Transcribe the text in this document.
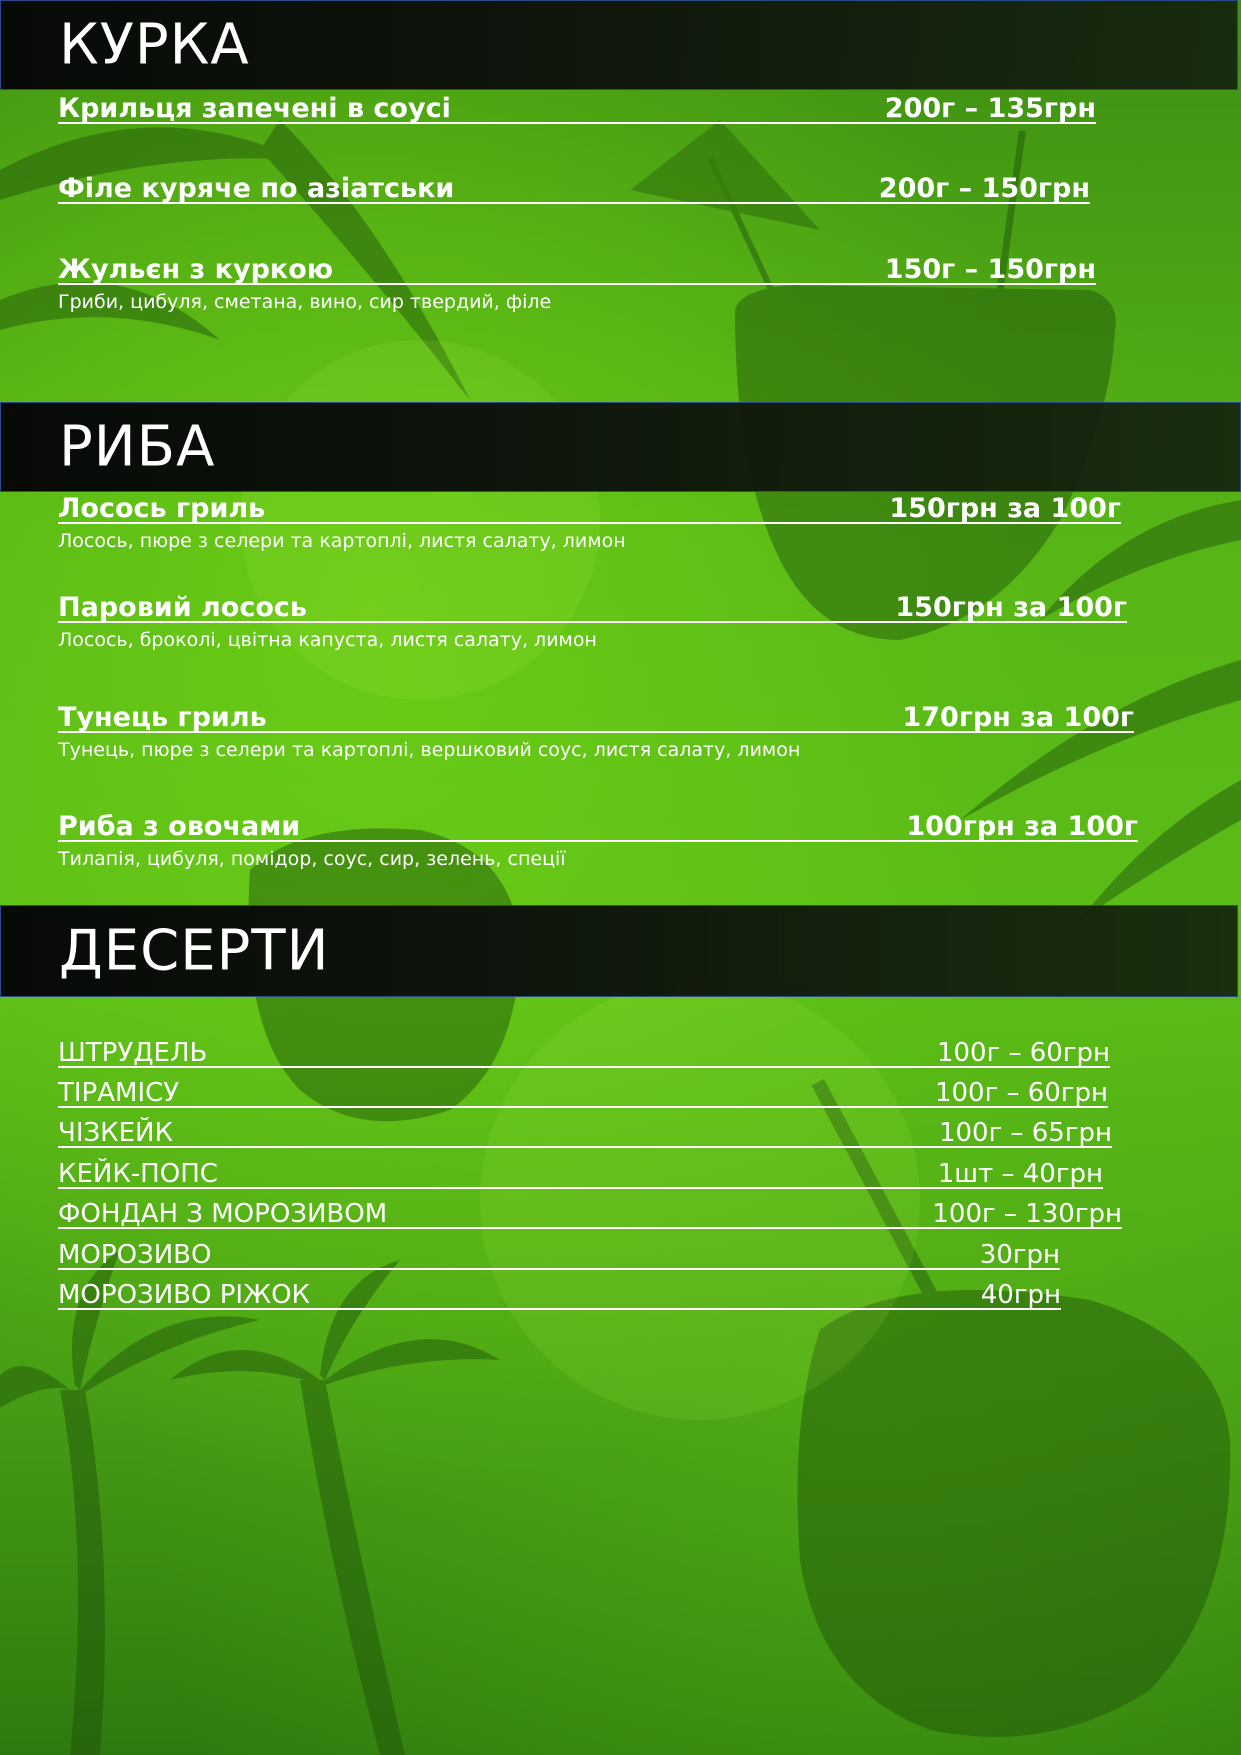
КУРКА
Крильця запечені в соусі	200г – 135грн
Філе куряче по азіатськи	200г – 150грн
Жульєн з куркою	150г – 150грн
Гриби, цибуля, сметана, вино, сир твердий, філе
РИБА
Лосось гриль	150грн за 100г
Лосось, пюре з селери та картоплі, листя салату, лимон
Паровий лосось	150грн за 100г
Лосось, броколі, цвітна капуста, листя салату, лимон
Тунець гриль	170грн за 100г
Тунець, пюре з селери та картоплі, вершковий соус, листя салату, лимон
Риба з овочами	100грн за 100г
Тилапія, цибуля, помідор, соус, сир, зелень, спеції
ДЕСЕРТИ
ШТРУДЕЛЬ	100г – 60грн
ТІРАМІСУ	100г – 60грн
ЧІЗКЕЙК	100г – 65грн
КЕЙК-ПОПС	1шт – 40грн
ФОНДАН З МОРОЗИВОМ	100г – 130грн
МОРОЗИВО	30грн
МОРОЗИВО РІЖОК	40грн
